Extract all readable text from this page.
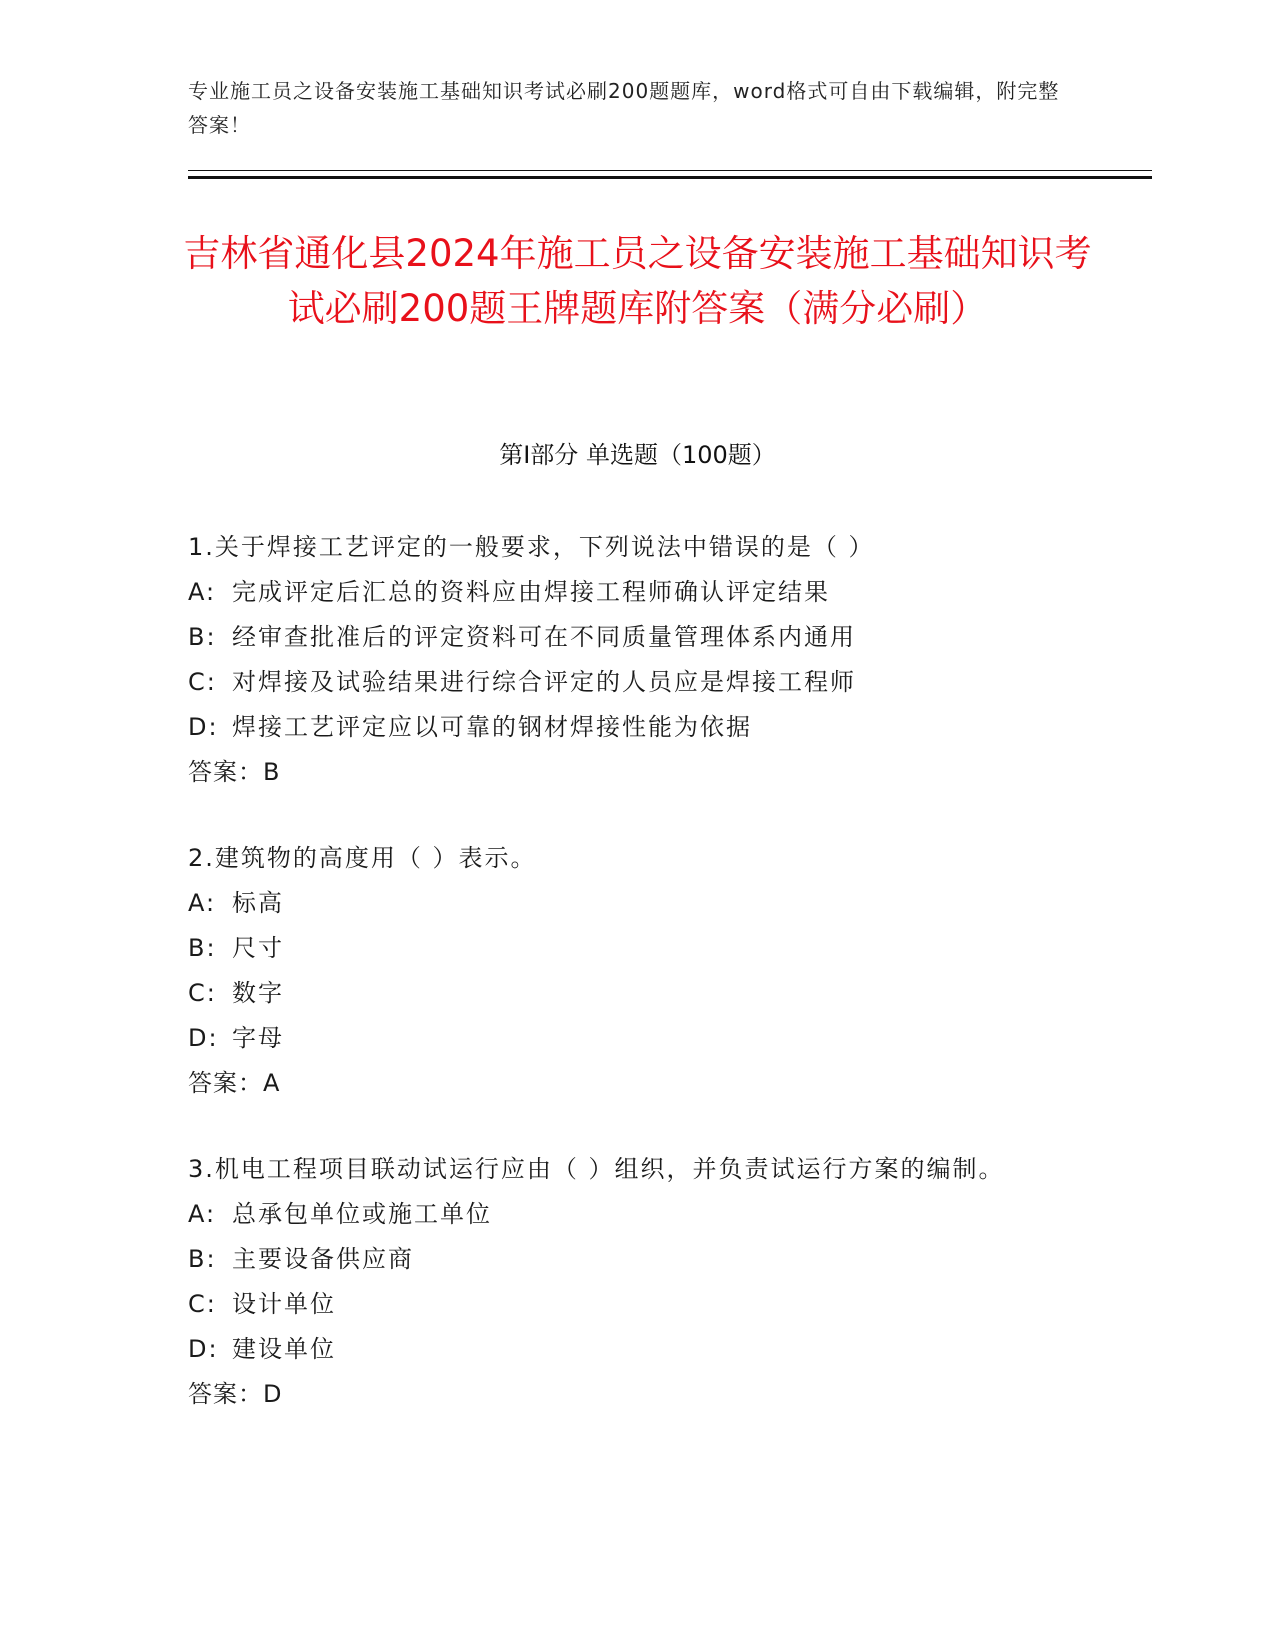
专业施工员之设备安装施工基础知识考试必刷200题题库，word格式可自由下载编辑，附完整答案！
吉林省通化县2024年施工员之设备安装施工基础知识考试必刷200题王牌题库附答案（满分必刷）
第I部分 单选题（100题）
1.关于焊接工艺评定的一般要求，下列说法中错误的是（ ）
A: 完成评定后汇总的资料应由焊接工程师确认评定结果
B: 经审查批准后的评定资料可在不同质量管理体系内通用
C: 对焊接及试验结果进行综合评定的人员应是焊接工程师
D: 焊接工艺评定应以可靠的钢材焊接性能为依据
答案：B
2.建筑物的高度用（ ）表示。
A: 标高
B: 尺寸
C: 数字
D: 字母
答案：A
3.机电工程项目联动试运行应由（ ）组织，并负责试运行方案的编制。
A: 总承包单位或施工单位
B: 主要设备供应商
C: 设计单位
D: 建设单位
答案：D
